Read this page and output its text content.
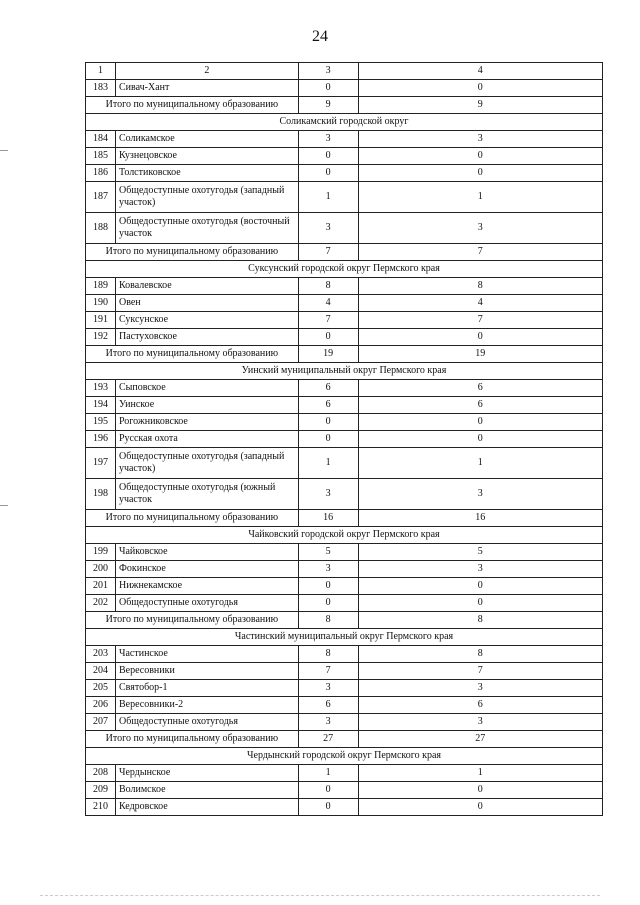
24
1	2	3	4
183	Сивач-Хант	0	0
Итого по муниципальному образованию		9	9
Соликамский городской округ			
184	Соликамское	3	3
185	Кузнецовское	0	0
186	Толстиковское	0	0
187	Общедоступные охотугодья (западный участок)	1	1
188	Общедоступные охотугодья (восточный участок	3	3
Итого по муниципальному образованию		7	7
Суксунский городской округ Пермского края			
189	Ковалевское	8	8
190	Овен	4	4
191	Суксунское	7	7
192	Пастуховское	0	0
Итого по муниципальному образованию		19	19
Уинский муниципальный округ Пермского края			
193	Сыповское	6	6
194	Уинское	6	6
195	Рогожниковское	0	0
196	Русская охота	0	0
197	Общедоступные охотугодья (западный участок)	1	1
198	Общедоступные охотугодья (южный участок	3	3
Итого по муниципальному образованию		16	16
Чайковский городской округ Пермского края			
199	Чайковское	5	5
200	Фокинское	3	3
201	Нижнекамское	0	0
202	Общедоступные охотугодья	0	0
Итого по муниципальному образованию		8	8
Частинский муниципальный округ Пермского края			
203	Частинское	8	8
204	Вересовники	7	7
205	Святобор-1	3	3
206	Вересовники-2	6	6
207	Общедоступные охотугодья	3	3
Итого по муниципальному образованию		27	27
Чердынский городской округ Пермского края			
208	Чердынское	1	1
209	Волимское	0	0
210	Кедровское	0	0
